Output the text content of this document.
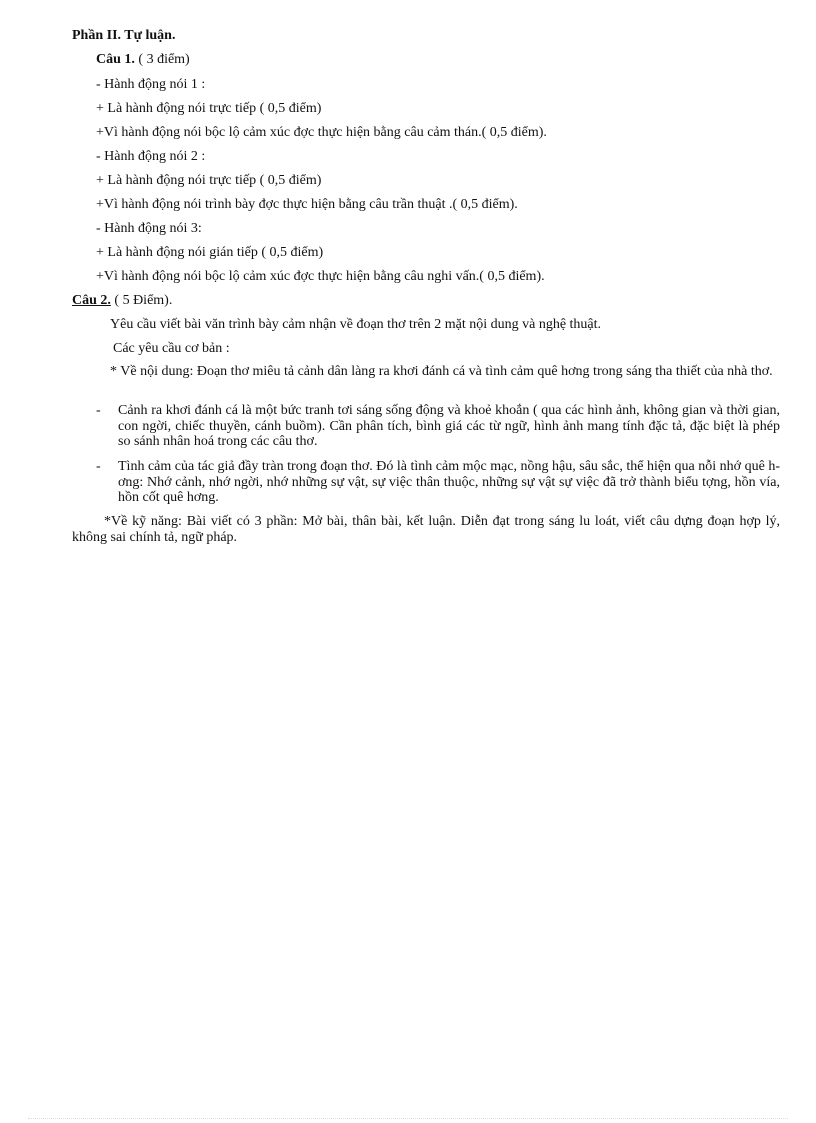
Phần II. Tự luận.
Câu 1. ( 3 điểm)
- Hành động nói 1 :
+ Là hành động nói trực tiếp ( 0,5 điểm)
+Vì hành động nói bộc lộ cảm xúc đợc thực hiện bằng câu cảm thán.( 0,5 điểm).
- Hành động nói 2 :
+ Là hành động nói trực tiếp ( 0,5 điểm)
+Vì hành động nói trình bày đợc thực hiện bằng câu trần thuật .( 0,5 điểm).
- Hành động nói 3:
+ Là hành động nói gián tiếp ( 0,5 điểm)
+Vì hành động nói bộc lộ cảm xúc đợc thực hiện bằng câu nghi vấn.( 0,5 điểm).
Câu 2. ( 5 Điểm).
Yêu cầu viết bài văn trình bày cảm nhận về đoạn thơ trên 2 mặt nội dung và nghệ thuật.
Các yêu cầu cơ bản :
* Về nội dung: Đoạn thơ miêu tả cảnh dân làng ra khơi đánh cá và tình cảm quê hơng trong sáng tha thiết của nhà thơ.
-	Cảnh ra khơi đánh cá là một bức tranh tơi sáng sống động và khoẻ khoắn ( qua các hình ảnh, không gian và thời gian, con ngời, chiếc thuyền, cánh buồm). Cần phân tích, bình giá các từ ngữ, hình ảnh mang tính đặc tả, đặc biệt là phép so sánh nhân hoá trong các câu thơ.
-	Tình cảm của tác giả đầy tràn trong đoạn thơ. Đó là tình cảm mộc mạc, nồng hậu, sâu sắc, thể hiện qua nỗi nhớ quê hơng: Nhớ cảnh, nhớ ngời, nhớ những sự vật, sự việc thân thuộc, những sự vật sự việc đã trở thành biểu tợng, hồn vía, hồn cốt quê hơng.
*Về kỹ năng: Bài viết có 3 phần: Mở bài, thân bài, kết luận. Diễn đạt trong sáng lu loát, viết câu dựng đoạn hợp lý, không sai chính tả, ngữ pháp.
